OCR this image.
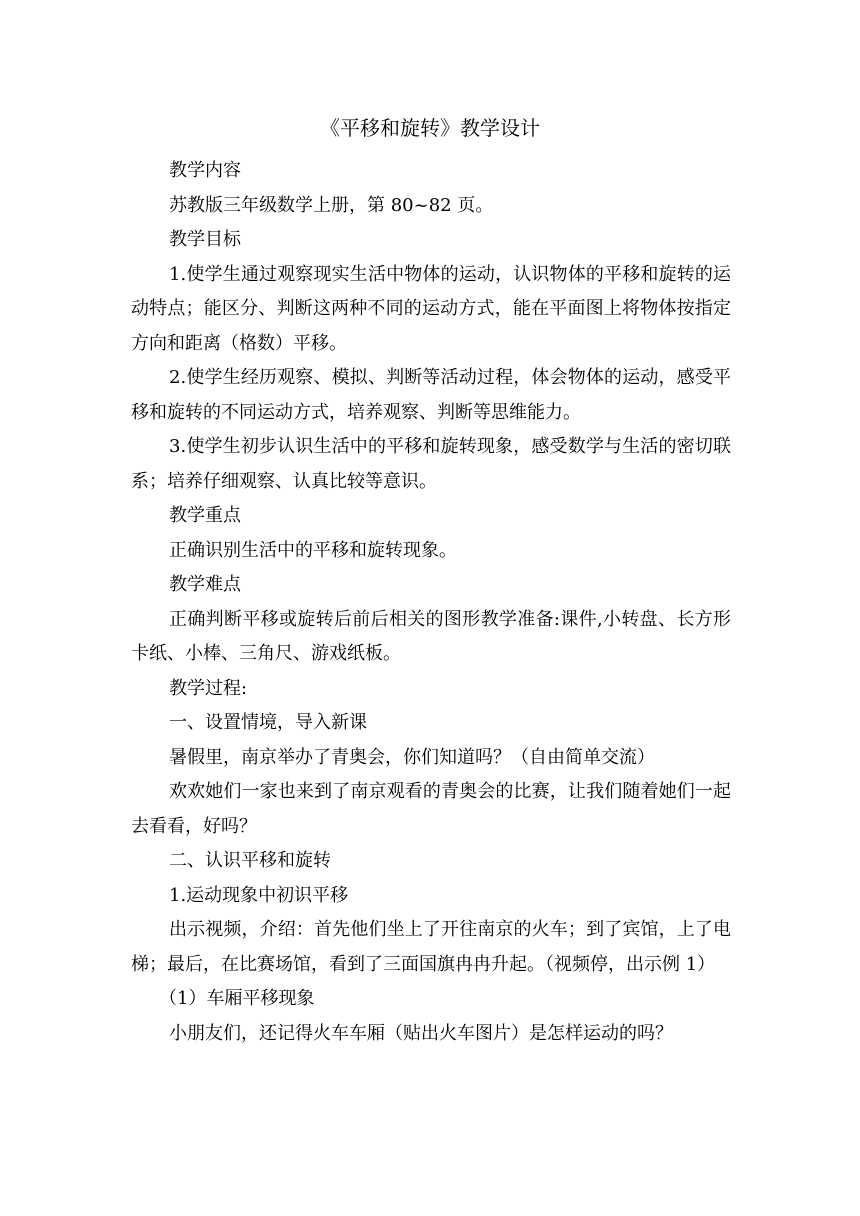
《平移和旋转》教学设计

教学内容

苏教版三年级数学上册，第 80~82 页。

教学目标

1.使学生通过观察现实生活中物体的运动，认识物体的平移和旋转的运动特点；能区分、判断这两种不同的运动方式，能在平面图上将物体按指定方向和距离（格数）平移。

2.使学生经历观察、模拟、判断等活动过程，体会物体的运动，感受平移和旋转的不同运动方式，培养观察、判断等思维能力。

3.使学生初步认识生活中的平移和旋转现象，感受数学与生活的密切联系；培养仔细观察、认真比较等意识。

教学重点

正确识别生活中的平移和旋转现象。

教学难点

正确判断平移或旋转后前后相关的图形教学准备:课件,小转盘、长方形卡纸、小棒、三角尺、游戏纸板。

教学过程:

一、设置情境，导入新课

暑假里，南京举办了青奥会，你们知道吗？（自由简单交流）

欢欢她们一家也来到了南京观看的青奥会的比赛，让我们随着她们一起去看看，好吗？

二、认识平移和旋转

1.运动现象中初识平移

出示视频，介绍：首先他们坐上了开往南京的火车；到了宾馆，上了电梯；最后，在比赛场馆，看到了三面国旗冉冉升起。（视频停，出示例 1）

（1）车厢平移现象

小朋友们，还记得火车车厢（贴出火车图片）是怎样运动的吗？
